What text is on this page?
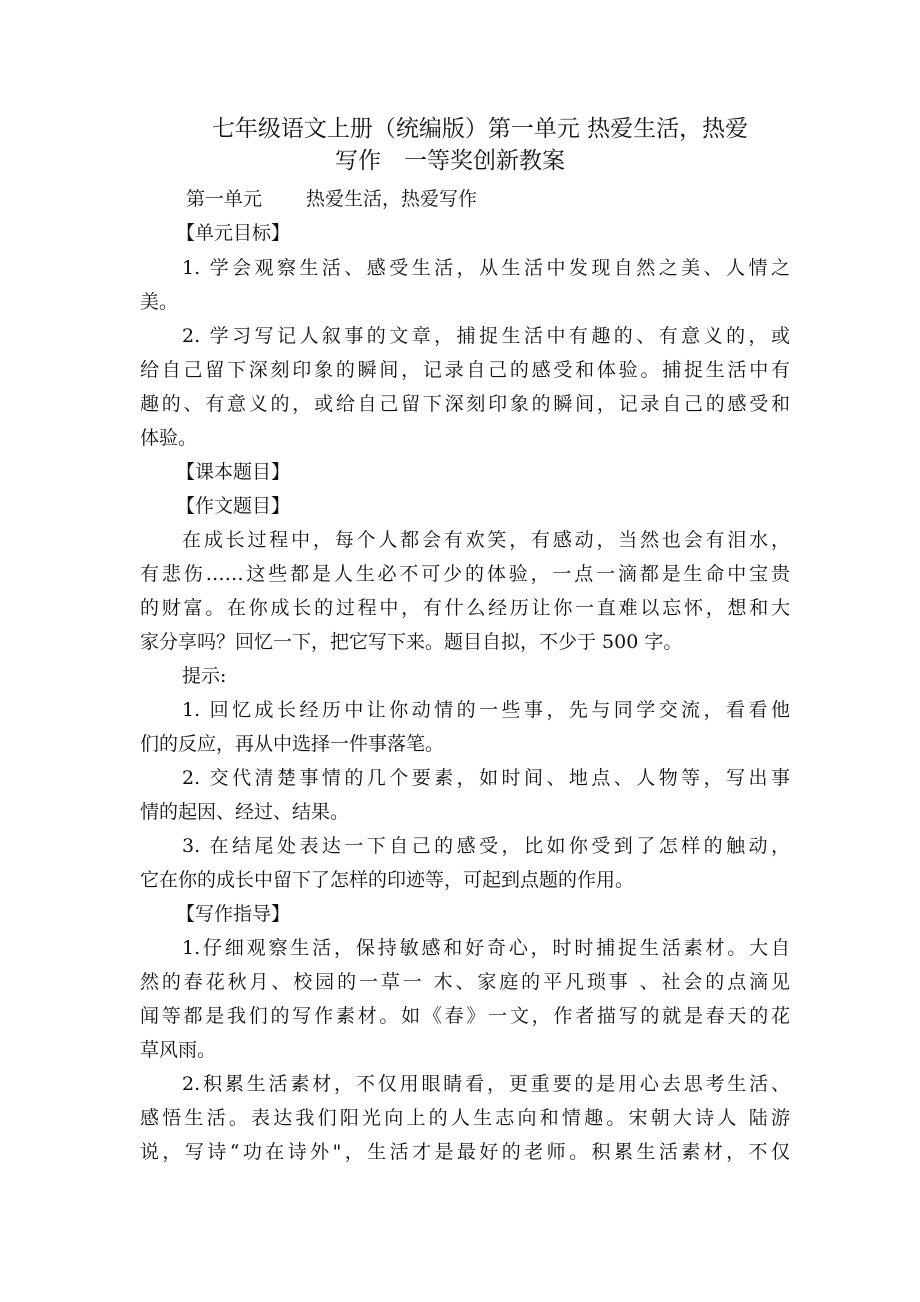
七年级语文上册（统编版）第一单元 热爱生活，热爱
写作　一等奖创新教案
第一单元 热爱生活，热爱写作
【单元目标】
1. 学会观察生活、感受生活，从生活中发现自然之美、人情之
美。
2. 学习写记人叙事的文章，捕捉生活中有趣的、有意义的，或
给自己留下深刻印象的瞬间，记录自己的感受和体验。捕捉生活中有
趣的、有意义的，或给自己留下深刻印象的瞬间，记录自己的感受和
体验。
【课本题目】
【作文题目】
在成长过程中，每个人都会有欢笑，有感动，当然也会有泪水，
有悲伤……这些都是人生必不可少的体验，一点一滴都是生命中宝贵
的财富。在你成长的过程中，有什么经历让你一直难以忘怀，想和大
家分享吗？回忆一下，把它写下来。题目自拟，不少于 500 字。
提示:
1. 回忆成长经历中让你动情的一些事，先与同学交流，看看他
们的反应，再从中选择一件事落笔。
2. 交代清楚事情的几个要素，如时间、地点、人物等，写出事
情的起因、经过、结果。
3. 在结尾处表达一下自己的感受，比如你受到了怎样的触动，
它在你的成长中留下了怎样的印迹等，可起到点题的作用。
【写作指导】
1.仔细观察生活，保持敏感和好奇心，时时捕捉生活素材。大自
然的春花秋月、校园的一草一 木、家庭的平凡琐事 、社会的点滴见
闻等都是我们的写作素材。如《春》一文，作者描写的就是春天的花
草风雨。
2.积累生活素材，不仅用眼睛看，更重要的是用心去思考生活、
感悟生活。表达我们阳光向上的人生志向和情趣。宋朝大诗人 陆游
说，写诗“功在诗外"，生活才是最好的老师。积累生活素材，不仅
